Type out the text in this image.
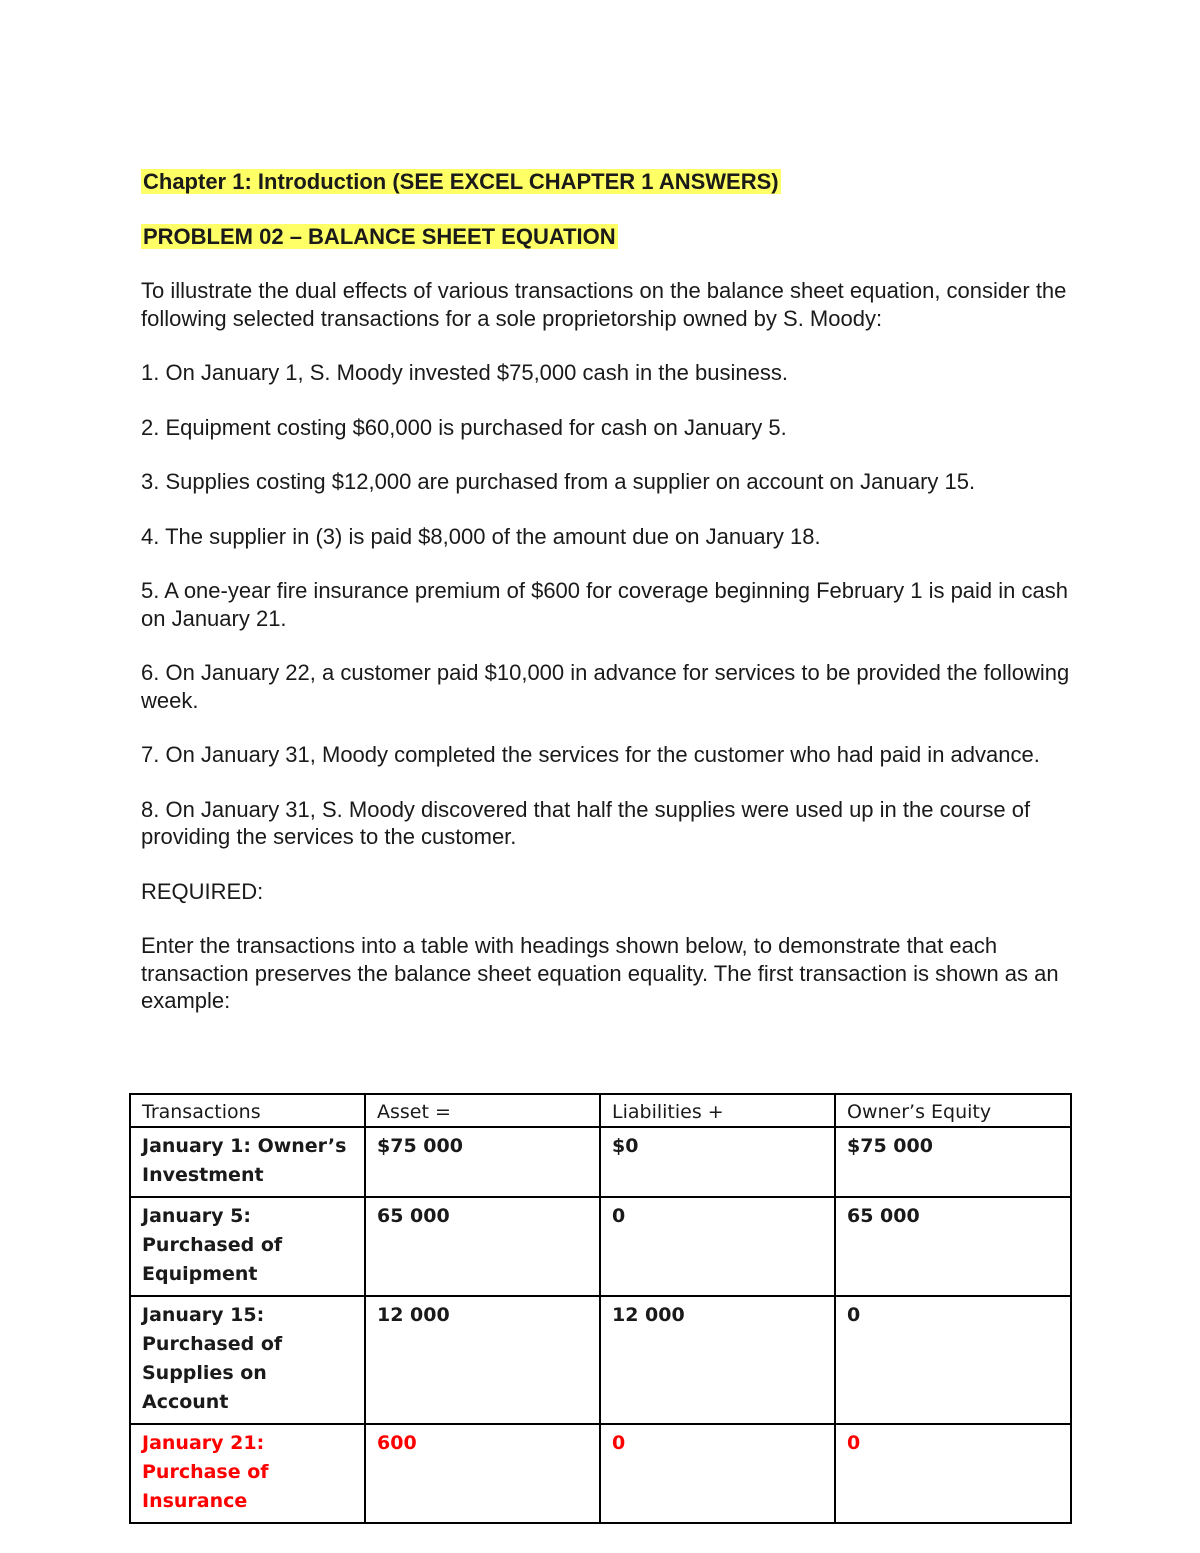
Chapter 1: Introduction (SEE EXCEL CHAPTER 1 ANSWERS)

PROBLEM 02 – BALANCE SHEET EQUATION

To illustrate the dual effects of various transactions on the balance sheet equation, consider the following selected transactions for a sole proprietorship owned by S. Moody:

1. On January 1, S. Moody invested $75,000 cash in the business.

2. Equipment costing $60,000 is purchased for cash on January 5.

3. Supplies costing $12,000 are purchased from a supplier on account on January 15.

4. The supplier in (3) is paid $8,000 of the amount due on January 18.

5. A one-year fire insurance premium of $600 for coverage beginning February 1 is paid in cash on January 21.

6. On January 22, a customer paid $10,000 in advance for services to be provided the following week.

7. On January 31, Moody completed the services for the customer who had paid in advance.

8. On January 31, S. Moody discovered that half the supplies were used up in the course of providing the services to the customer.

REQUIRED:

Enter the transactions into a table with headings shown below, to demonstrate that each transaction preserves the balance sheet equation equality. The first transaction is shown as an example:

Transactions	Asset =	Liabilities +	Owner’s Equity
January 1: Owner’s Investment	$75 000	$0	$75 000
January 5: Purchased of Equipment	65 000	0	65 000
January 15: Purchased of Supplies on Account	12 000	12 000	0
January 21: Purchase of Insurance	600	0	0
